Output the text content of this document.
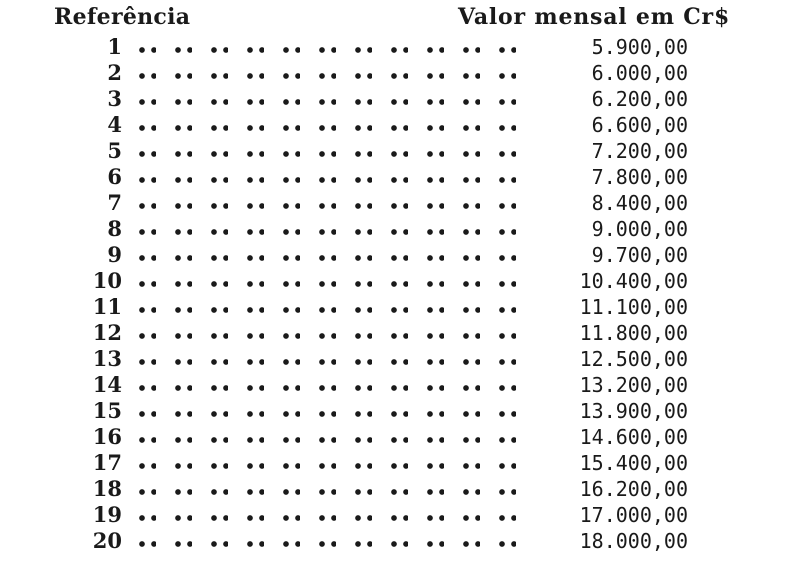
Referência	Valor mensal em Cr$
1	5.900,00
2	6.000,00
3	6.200,00
4	6.600,00
5	7.200,00
6	7.800,00
7	8.400,00
8	9.000,00
9	9.700,00
10	10.400,00
11	11.100,00
12	11.800,00
13	12.500,00
14	13.200,00
15	13.900,00
16	14.600,00
17	15.400,00
18	16.200,00
19	17.000,00
20	18.000,00
